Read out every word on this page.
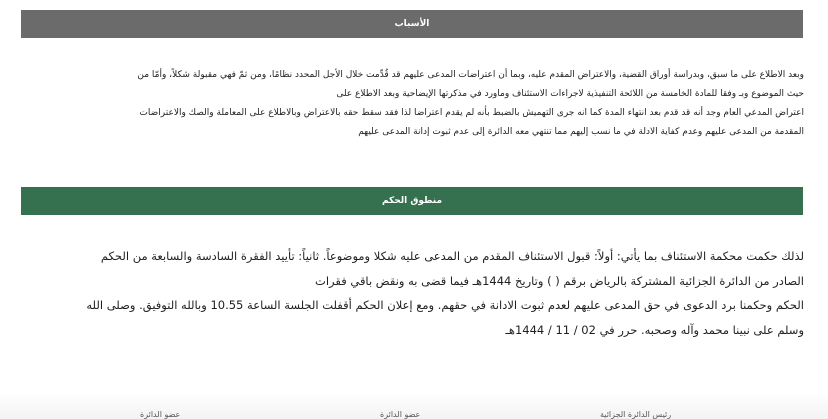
الأسباب

وبعد الاطلاع على ما سبق، وبدراسة أوراق القضية، والاعتراض المقدم عليه، وبما أن اعتراضات المدعى عليهم قد قُدِّمت خلال الأجل المحدد نظامًا، ومن ثمّ فهي مقبولة شكلاً، وأمّا من

حيث الموضوع وبـ وفقا للمادة الخامسة من اللائحة التنفيذية لاجراءات الاستئناف وماورد في مذكرتها الإيضاحية وبعد الاطلاع على

اعتراض المدعي العام وجد أنه قد قدم بعد انتهاء المدة كما انه جرى التهميش بالضبط بأنه لم يقدم اعتراضا لذا فقد سقط حقه بالاعتراض وبالاطلاع على المعاملة والصك والاعتراضات

المقدمة من المدعى عليهم وعدم كفاية الادلة في ما نسب إليهم مما تنتهي معه الدائرة إلى عدم ثبوت إدانة المدعى عليهم

منطوق الحكم

لذلك حكمت محكمة الاستئناف بما يأتي: أولاً: قبول الاستئناف المقدم من المدعى عليه شكلا وموضوعاً. ثانياً: تأييد الفقرة السادسة والسابعة من الحكم

الصادر من الدائرة الجزائية المشتركة بالرياض برقم ( ) وتاريخ 1444هـ فيما قضى به ونقض باقي فقرات

الحكم وحكمنا برد الدعوى في حق المدعى عليهم لعدم ثبوت الادانة في حقهم. ومع إعلان الحكم أقفلت الجلسة الساعة 10.55 وبالله التوفيق. وصلى الله

وسلم على نبينا محمد وآله وصحبه. حرر في 02 / 11 / 1444هـ

عضو الدائرة	عضو الدائرة	رئيس الدائرة الجزائية
